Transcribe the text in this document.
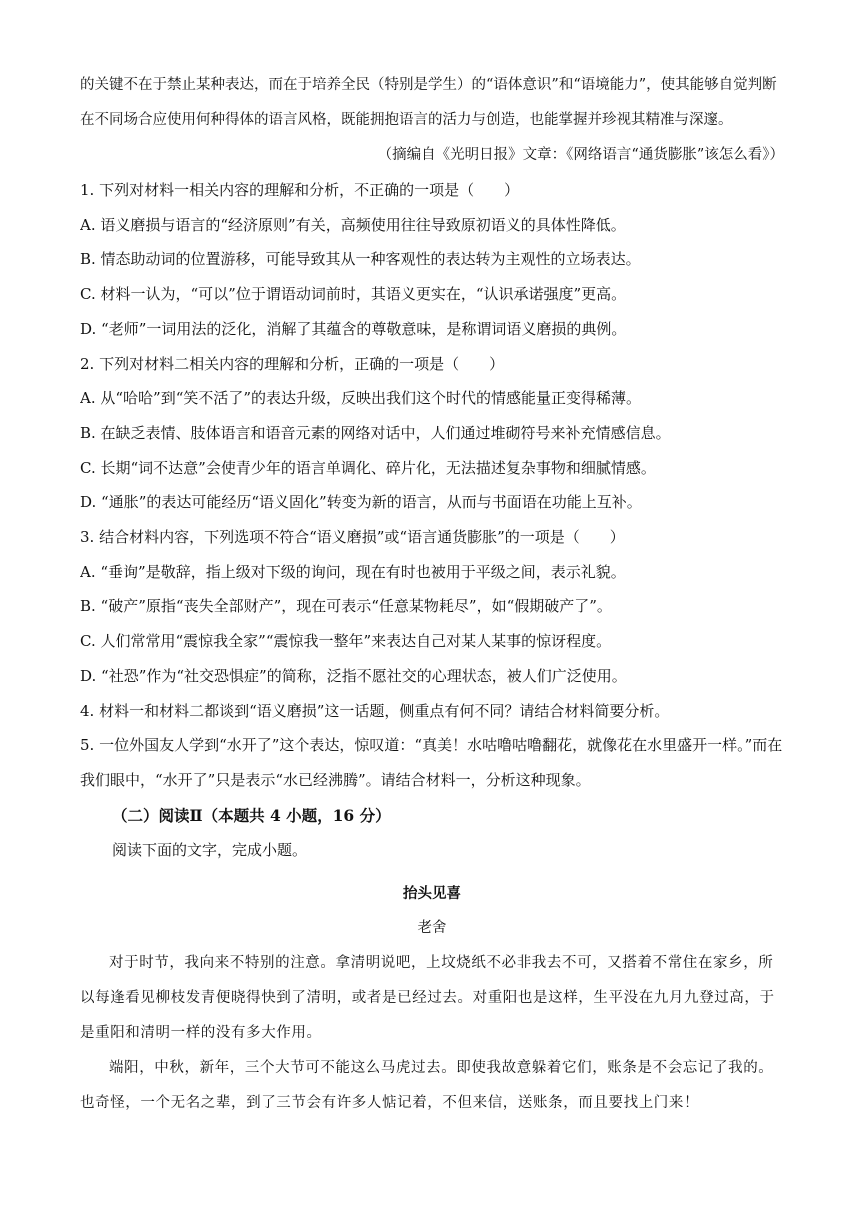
的关键不在于禁止某种表达，而在于培养全民（特别是学生）的“语体意识”和“语境能力”，使其能够自觉判断在不同场合应使用何种得体的语言风格，既能拥抱语言的活力与创造，也能掌握并珍视其精准与深邃。

（摘编自《光明日报》文章：《网络语言“通货膨胀”该怎么看》）

1. 下列对材料一相关内容的理解和分析，不正确的一项是（　　）

A. 语义磨损与语言的“经济原则”有关，高频使用往往导致原初语义的具体性降低。

B. 情态助动词的位置游移，可能导致其从一种客观性的表达转为主观性的立场表达。

C. 材料一认为，“可以”位于谓语动词前时，其语义更实在，“认识承诺强度”更高。

D. “老师”一词用法的泛化，消解了其蕴含的尊敬意味，是称谓词语义磨损的典例。

2. 下列对材料二相关内容的理解和分析，正确的一项是（　　）

A. 从“哈哈”到“笑不活了”的表达升级，反映出我们这个时代的情感能量正变得稀薄。

B. 在缺乏表情、肢体语言和语音元素的网络对话中，人们通过堆砌符号来补充情感信息。

C. 长期“词不达意”会使青少年的语言单调化、碎片化，无法描述复杂事物和细腻情感。

D. “通胀”的表达可能经历“语义固化”转变为新的语言，从而与书面语在功能上互补。

3. 结合材料内容，下列选项不符合“语义磨损”或“语言通货膨胀”的一项是（　　）

A. “垂询”是敬辞，指上级对下级的询问，现在有时也被用于平级之间，表示礼貌。

B. “破产”原指“丧失全部财产”，现在可表示“任意某物耗尽”，如“假期破产了”。

C. 人们常常用“震惊我全家”“震惊我一整年”来表达自己对某人某事的惊讶程度。

D. “社恐”作为“社交恐惧症”的简称，泛指不愿社交的心理状态，被人们广泛使用。

4. 材料一和材料二都谈到“语义磨损”这一话题，侧重点有何不同？请结合材料简要分析。

5. 一位外国友人学到“水开了”这个表达，惊叹道：“真美！水咕噜咕噜翻花，就像花在水里盛开一样。”而在我们眼中，“水开了”只是表示“水已经沸腾”。请结合材料一，分析这种现象。

（二）阅读Ⅱ（本题共 4 小题，16 分）

阅读下面的文字，完成小题。

抬头见喜

老舍

对于时节，我向来不特别的注意。拿清明说吧，上坟烧纸不必非我去不可，又搭着不常住在家乡，所以每逢看见柳枝发青便晓得快到了清明，或者是已经过去。对重阳也是这样，生平没在九月九登过高，于是重阳和清明一样的没有多大作用。

端阳，中秋，新年，三个大节可不能这么马虎过去。即使我故意躲着它们，账条是不会忘记了我的。也奇怪，一个无名之辈，到了三节会有许多人惦记着，不但来信，送账条，而且要找上门来！
